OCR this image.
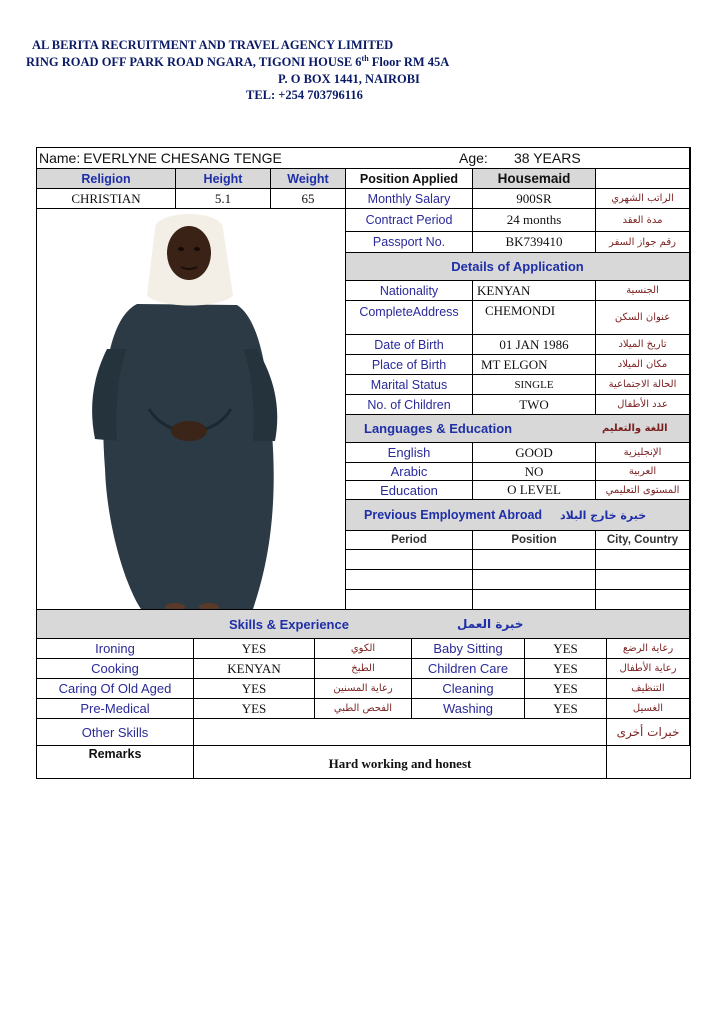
AL BERITA RECRUITMENT AND TRAVEL AGENCY LIMITED
RING ROAD OFF PARK ROAD NGARA, TIGONI HOUSE 6th Floor RM 45A
P. O BOX 1441, NAIROBI
TEL: +254 703796116
Name: EVERLYNE CHESANG TENGE	Age: 38 YEARS
Religion	Height	Weight
CHRISTIAN	5.1	65
Position Applied	Housemaid
Monthly Salary	900SR	الراتب الشهري
Contract Period	24 months	مدة العقد
Passport No.	BK739410	رقم جواز السفر
Details of Application
Nationality	KENYAN	الجنسية
CompleteAddress	CHEMONDI	عنوان السكن
Date of Birth	01 JAN 1986	تاريخ الميلاد
Place of Birth	MT ELGON	مكان الميلاد
Marital Status	SINGLE	الحالة الاجتماعية
No. of Children	TWO	عدد الأطفال
Languages & Education	اللغة والتعليم
English	GOOD	الإنجليزية
Arabic	NO	العربية
Education	O LEVEL	المستوى التعليمي
Previous Employment Abroad خبرة خارج البلاد
Period	Position	City, Country
Skills & Experience	خبرة العمل
Ironing	YES	الكوي	Baby Sitting	YES	رعاية الرضع
Cooking	KENYAN	الطبخ	Children Care	YES	رعاية الأطفال
Caring Of Old Aged	YES	رعاية المسنين	Cleaning	YES	التنظيف
Pre-Medical	YES	الفحص الطبي	Washing	YES	الغسيل
Other Skills	خبرات أخرى
Remarks
Hard working and honest
